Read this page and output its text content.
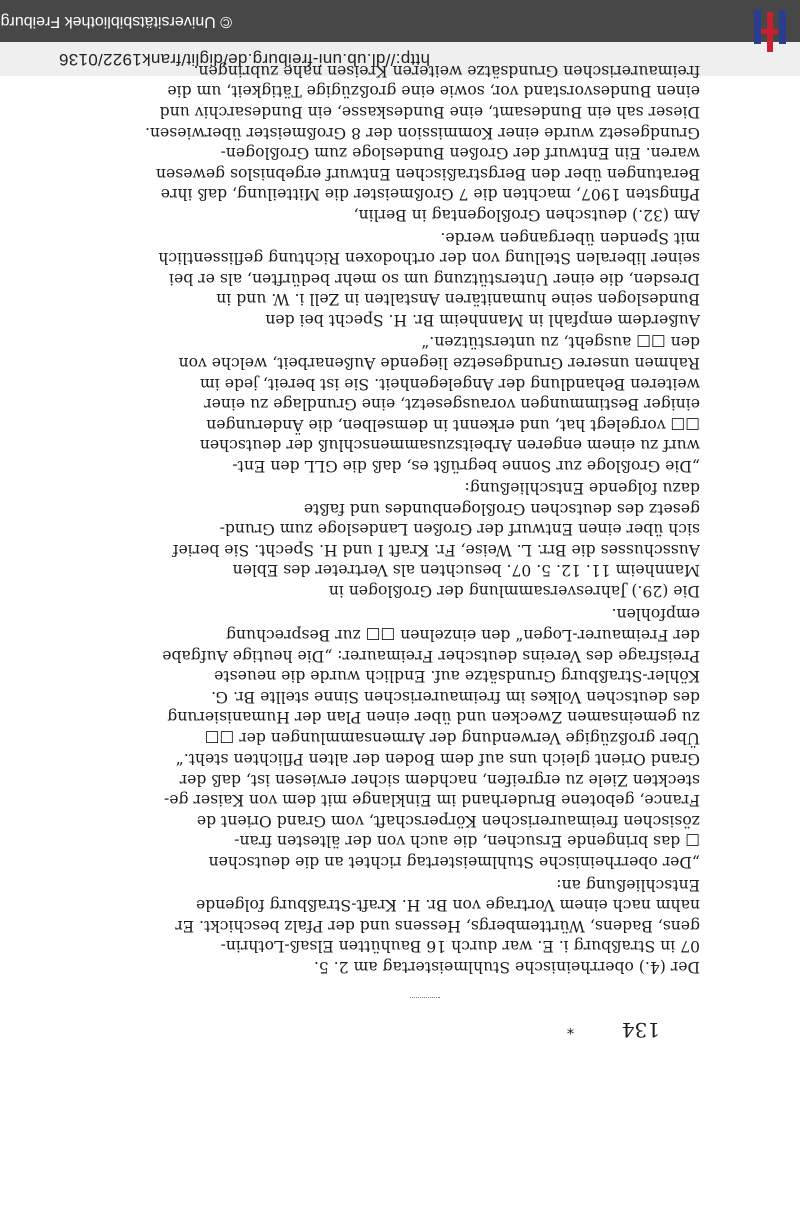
© Universitätsbibliothek Freiburg
http://dl.ub.uni-freiburg.de/diglit/frank1922/0136
134
*
Der (4.) oberrheinische Stuhlmeistertag am 2. 5.
07 in Straßburg i. E. war durch 16 Bauhütten Elsaß-Lothrin-
gens, Badens, Württembergs, Hessens und der Pfalz beschickt. Er
nahm nach einem Vortrage von Br. H. Kraft-Straßburg folgende
Entschließung an:
„Der oberrheinische Stuhlmeistertag richtet an die deutschen
□ das bringende Ersuchen, die auch von der ältesten fran-
zösischen freimaurerischen Körperschaft, vom Grand Orient de
France, gebotene Bruderhand im Einklange mit dem von Kaiser ge-
steckten Ziele zu ergreifen, nachdem sicher erwiesen ist, daß der
Grand Orient gleich uns auf dem Boden der alten Pflichten steht.“
Über großzügige Verwendung der Armensammlungen der □□
zu gemeinsamen Zwecken und über einen Plan der Humanisierung
des deutschen Volkes im freimaurerischen Sinne stellte Br. G.
Köhler-Straßburg Grundsätze auf. Endlich wurde die neueste
Preisfrage des Vereins deutscher Freimaurer: „Die heutige Aufgabe
der Freimaurer-Logen“ den einzelnen □□ zur Besprechung
empfohlen.
Die (29.) Jahresversammlung der Großlogen in
Mannheim 11. 12. 5. 07. besuchten als Vertreter des Eblen
Ausschusses die Brr. L. Weise, Fr. Kraft I und H. Specht. Sie berief
sich über einen Entwurf der Großen Landesloge zum Grund-
gesetz des deutschen Großlogenbundes und faßte
dazu folgende Entschließung:
„Die Großloge zur Sonne begrüßt es, daß die GLL den Ent-
wurf zu einem engeren Arbeitszusammenschluß der deutschen
□□ vorgelegt hat, und erkennt in demselben, die Änderungen
einiger Bestimmungen vorausgesetzt, eine Grundlage zu einer
weiteren Behandlung der Angelegenheit. Sie ist bereit, jede im
Rahmen unserer Grundgesetze liegende Außenarbeit, welche von
den □□ ausgeht, zu unterstützen.“
Außerdem empfahl in Mannheim Br. H. Specht bei den
Bundeslogen seine humanitären Anstalten in Zell i. W. und in
Dresden, die einer Unterstützung um so mehr bedürften, als er bei
seiner liberalen Stellung von der orthodoxen Richtung geflissentlich
mit Spenden übergangen werde.
Am (32.) deutschen Großlogentag in Berlin,
Pfingsten 1907, machten die 7 Großmeister die Mitteilung, daß ihre
Beratungen über den Bergstraßischen Entwurf ergebnislos gewesen
waren. Ein Entwurf der Großen Bundesloge zum Großlogen-
Grundgesetz wurde einer Kommission der 8 Großmeister überwiesen.
Dieser sah ein Bundesamt, eine Bundeskasse, ein Bundesarchiv und
einen Bundesvorstand vor, sowie eine großzügige Tätigkeit, um die
freimaurerischen Grundsätze weiteren Kreisen nahe zubringen.
